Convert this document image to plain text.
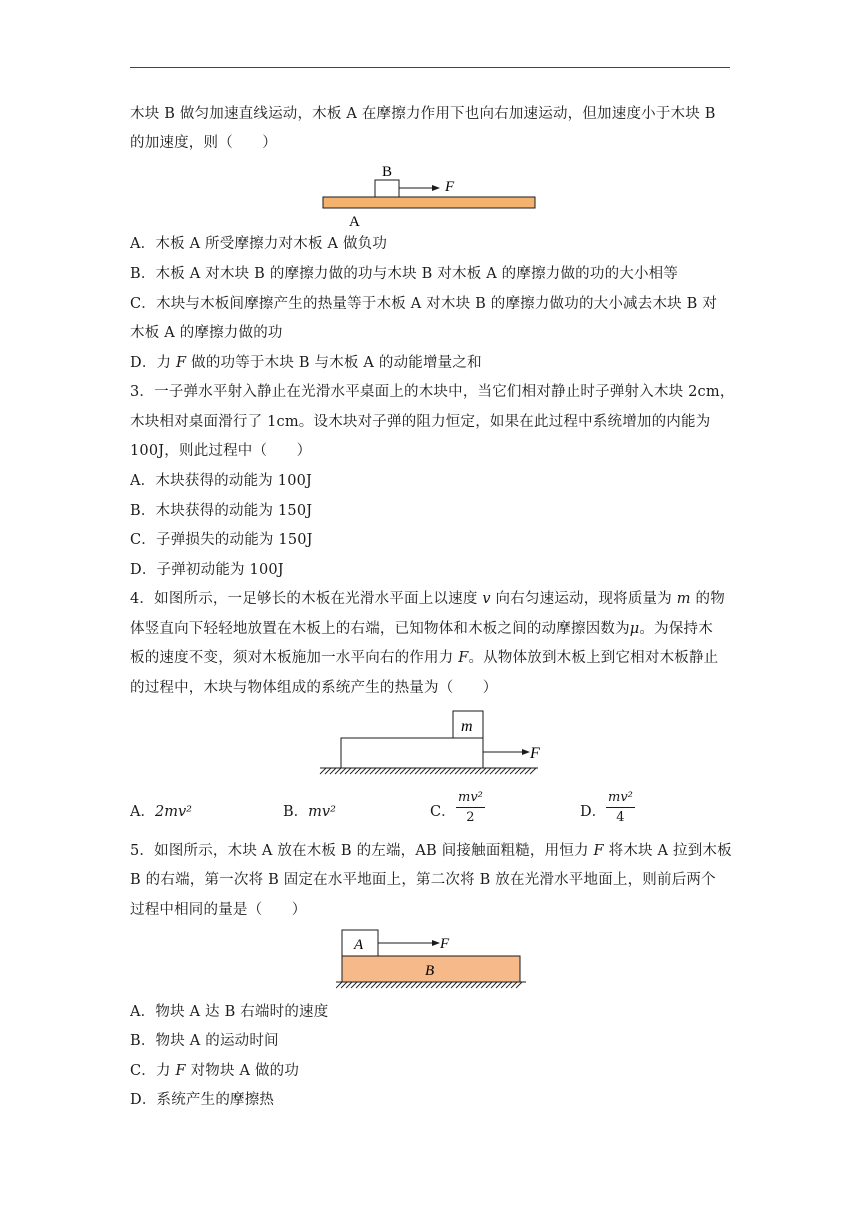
木块 B 做匀加速直线运动，木板 A 在摩擦力作用下也向右加速运动，但加速度小于木块 B
的加速度，则（　　）
B
F
A
A．木板 A 所受摩擦力对木板 A 做负功
B．木板 A 对木块 B 的摩擦力做的功与木块 B 对木板 A 的摩擦力做的功的大小相等
C．木块与木板间摩擦产生的热量等于木板 A 对木块 B 的摩擦力做功的大小减去木块 B 对
木板 A 的摩擦力做的功
D．力 F 做的功等于木块 B 与木板 A 的动能增量之和
3．一子弹水平射入静止在光滑水平桌面上的木块中，当它们相对静止时子弹射入木块 2cm，
木块相对桌面滑行了 1cm。设木块对子弹的阻力恒定，如果在此过程中系统增加的内能为
100J，则此过程中（　　）
A．木块获得的动能为 100J
B．木块获得的动能为 150J
C．子弹损失的动能为 150J
D．子弹初动能为 100J
4．如图所示，一足够长的木板在光滑水平面上以速度 v 向右匀速运动，现将质量为 m 的物
体竖直向下轻轻地放置在木板上的右端，已知物体和木板之间的动摩擦因数为μ。为保持木
板的速度不变，须对木板施加一水平向右的作用力 F。从物体放到木板上到它相对木板静止
的过程中，木块与物体组成的系统产生的热量为（　　）
m
F
A．2mv²	B．mv²	C．
mv²
2	D．
mv²
4
5．如图所示，木块 A 放在木板 B 的左端，AB 间接触面粗糙，用恒力 F 将木块 A 拉到木板
B 的右端，第一次将 B 固定在水平地面上，第二次将 B 放在光滑水平地面上，则前后两个
过程中相同的量是（　　）
A	F
B
A．物块 A 达 B 右端时的速度
B．物块 A 的运动时间
C．力 F 对物块 A 做的功
D．系统产生的摩擦热
